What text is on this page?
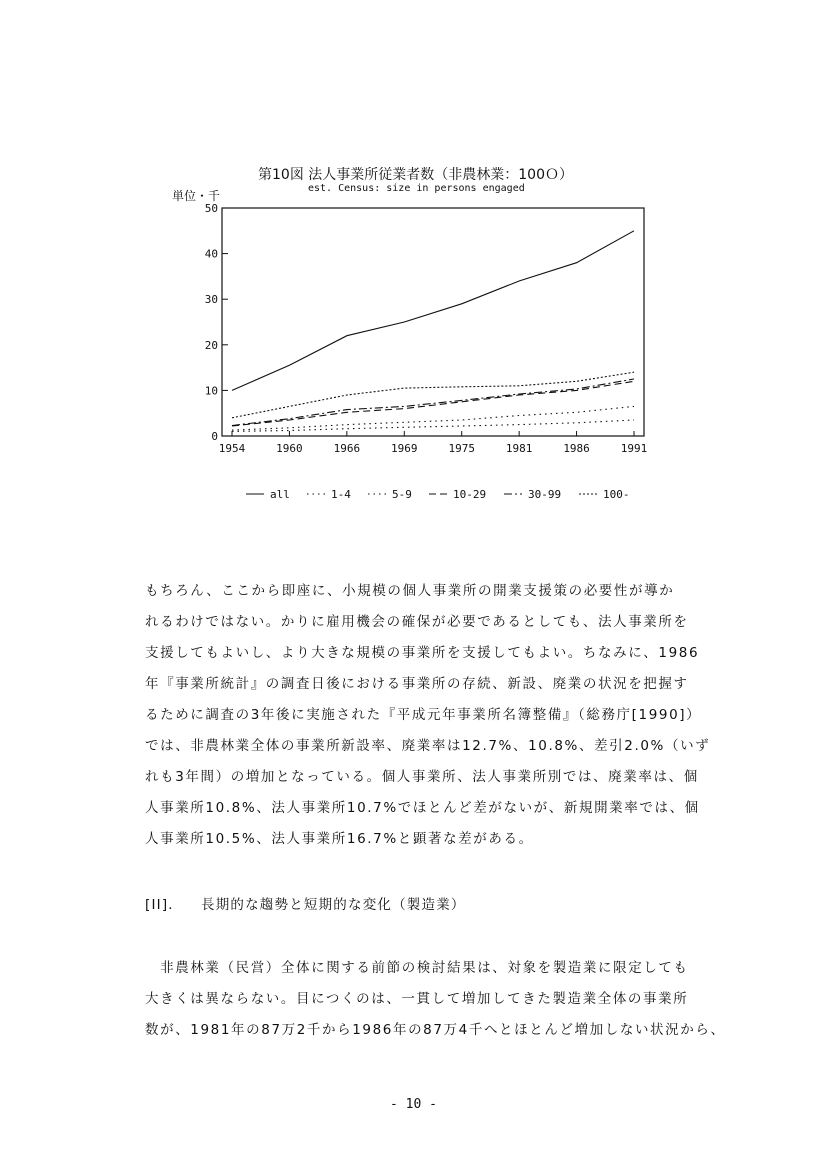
第10図 法人事業所従業者数（非農林業：100Ｏ）
est. Census: size in persons engaged
単位・千
0
10
20
30
40
50
1954	1960	1966	1969	1975	1981	1986	1991
all	1-4	5-9	10-29	30-99	100-
もちろん、ここから即座に、小規模の個人事業所の開業支援策の必要性が導か
れるわけではない。かりに雇用機会の確保が必要であるとしても、法人事業所を
支援してもよいし、より大きな規模の事業所を支援してもよい。ちなみに、1986
年『事業所統計』の調査日後における事業所の存続、新設、廃業の状況を把握す
るために調査の3年後に実施された『平成元年事業所名簿整備』（総務庁[1990]）
では、非農林業全体の事業所新設率、廃業率は12.7%、10.8%、差引2.0%（いず
れも3年間）の増加となっている。個人事業所、法人事業所別では、廃業率は、個
人事業所10.8%、法人事業所10.7%でほとんど差がないが、新規開業率では、個
人事業所10.5%、法人事業所16.7%と顕著な差がある。
[II]． 長期的な趨勢と短期的な変化（製造業）
　非農林業（民営）全体に関する前節の検討結果は、対象を製造業に限定しても
大きくは異ならない。目につくのは、一貫して増加してきた製造業全体の事業所
数が、1981年の87万2千から1986年の87万4千へとほとんど増加しない状況から、
- 10 -
